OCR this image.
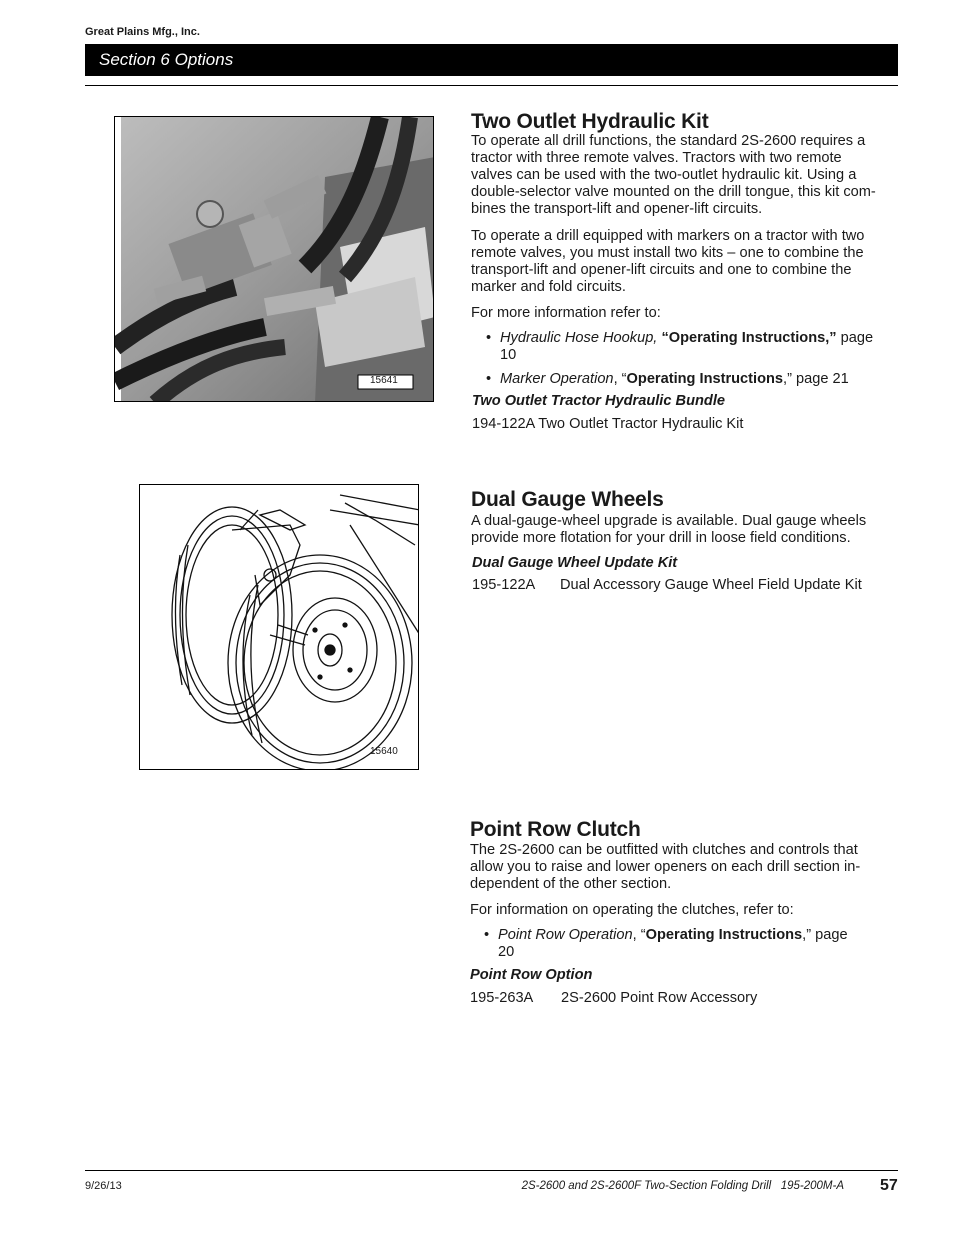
Great Plains Mfg., Inc.
Section 6 Options
15641
Two Outlet Hydraulic Kit
To operate all drill functions, the standard 2S-2600 requires a
tractor with three remote valves. Tractors with two remote
valves can be used with the two-outlet hydraulic kit. Using a
double-selector valve mounted on the drill tongue, this kit com-
bines the transport-lift and opener-lift circuits.
To operate a drill equipped with markers on a tractor with two
remote valves, you must install two kits – one to combine the
transport-lift and opener-lift circuits and one to combine the
marker and fold circuits.
For more information refer to:
• Hydraulic Hose Hookup, “Operating Instructions,” page
10
• Marker Operation, “Operating Instructions,” page 21
Two Outlet Tractor Hydraulic Bundle
194-122A Two Outlet Tractor Hydraulic Kit
15640
Dual Gauge Wheels
A dual-gauge-wheel upgrade is available. Dual gauge wheels
provide more flotation for your drill in loose field conditions.
Dual Gauge Wheel Update Kit
195-122A Dual Accessory Gauge Wheel Field Update Kit
Point Row Clutch
The 2S-2600 can be outfitted with clutches and controls that
allow you to raise and lower openers on each drill section in-
dependent of the other section.
For information on operating the clutches, refer to:
• Point Row Operation, “Operating Instructions,” page
20
Point Row Option
195-263A 2S-2600 Point Row Accessory
9/26/13	2S-2600 and 2S-2600F Two-Section Folding Drill   195-200M-A 57
